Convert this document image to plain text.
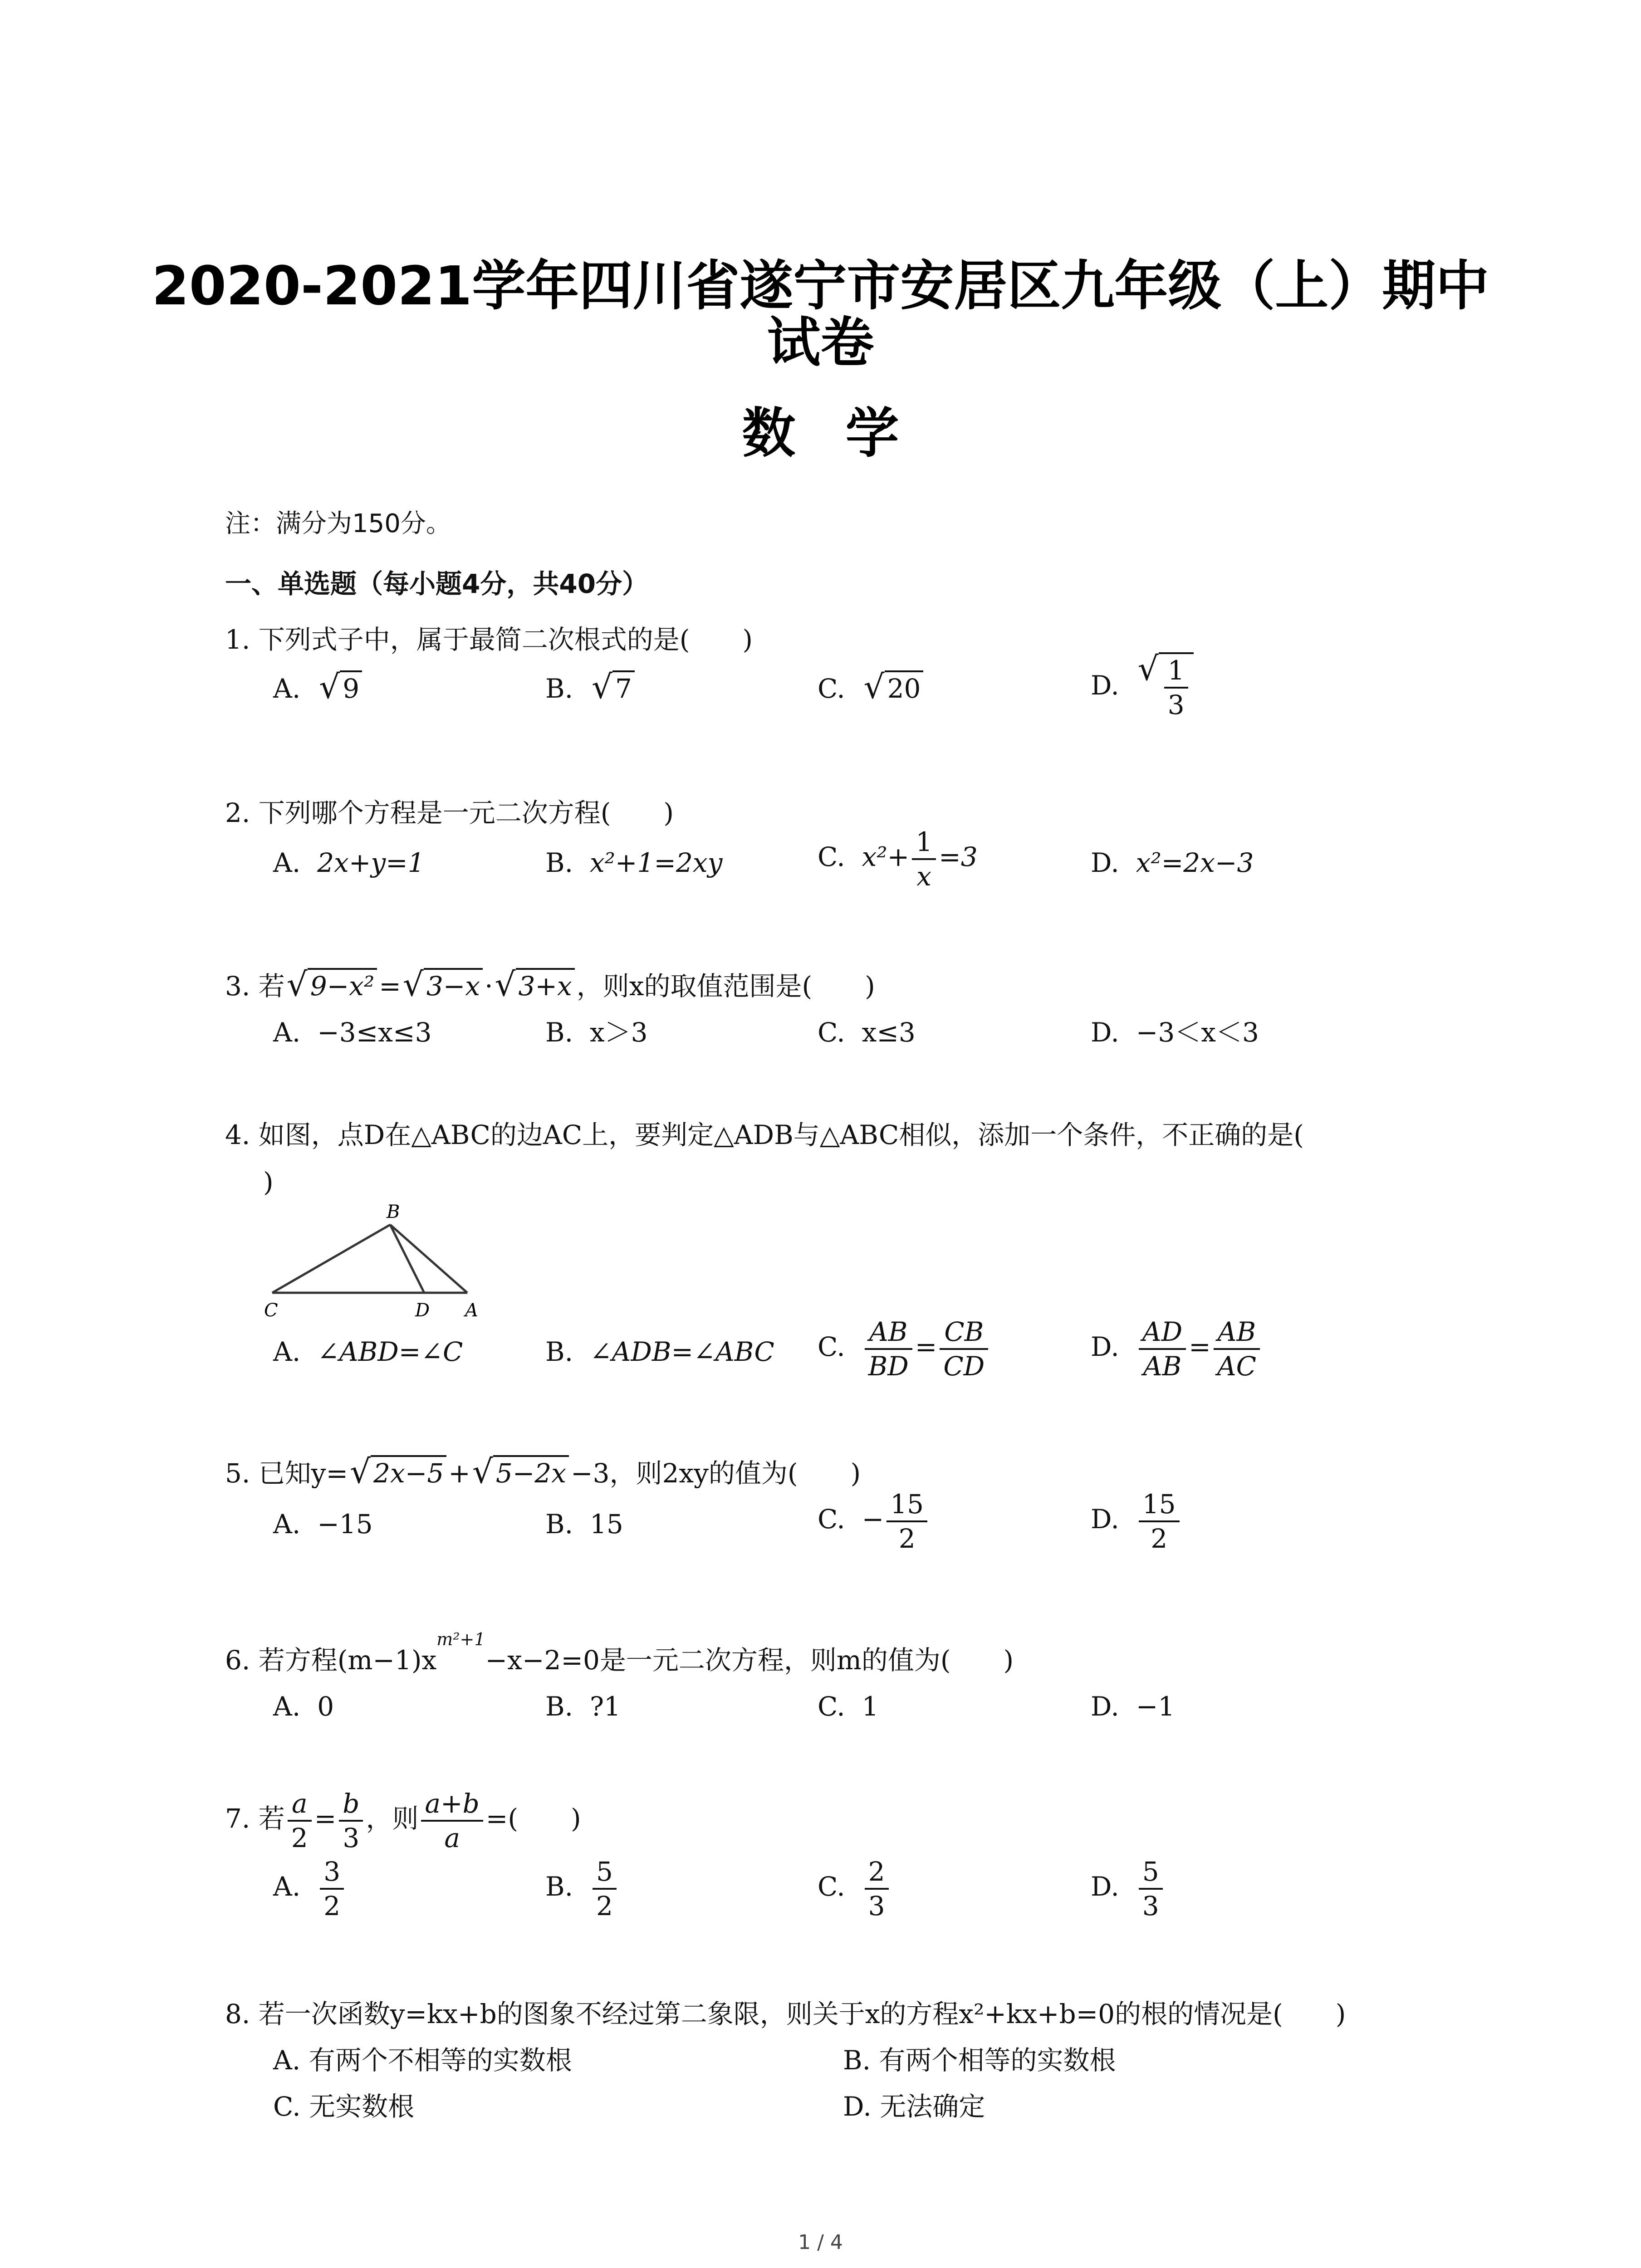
2020-2021学年四川省遂宁市安居区九年级（上）期中
试卷
数学
注：满分为150分。
一、单选题（每小题4分，共40分）
1. 下列式子中，属于最简二次根式的是(　　)
A. √ 9	B. √ 7	C. √ 20	D. √ $\frac{1}{3}$
2. 下列哪个方程是一元二次方程(　　)
A. 2x+y=1	B. x²+1=2xy	C. $x^2+ \frac{1}{x} =3$	D. x²=2x−3
3. 若 √ 9−x² = √ 3−x · √ 3+x ，则x的取值范围是(　　)
A. −3≤x≤3	B. x＞3	C. x≤3	D. −3＜x＜3
4. 如图，点D在△ABC的边AC上，要判定△ADB与△ABC相似，添加一个条件，不正确的是(
)
B
C	D A
A. ∠ABD=∠C	B. ∠ADB=∠ABC C. $\frac{AB}{BD} = \frac{CB}{CD}$	D. $\frac{AD}{AB} = \frac{AB}{AC}$
5. 已知y= √ 2x−5 + √ 5−2x −3，则2xy的值为(　　)
A. −15	B. 15	C. − $\frac{15}{2}$	D. $\frac{15}{2}$
6. 若方程$(m-1)x^{m^2+1}-x-2=0$是一元二次方程，则m的值为(　　)
A. 0	B. ?1	C. 1	D. −1
7. 若 $\frac{a}{2} = \frac{b}{3}$ ，则 $\frac{a+b}{a}$ =(　　)
A. $\frac{3}{2}$	B. $\frac{5}{2}$	C. $\frac{2}{3}$	D. $\frac{5}{3}$
8. 若一次函数y=kx+b的图象不经过第二象限，则关于x的方程x²+kx+b=0的根的情况是(　　)
A. 有两个不相等的实数根	B. 有两个相等的实数根
C. 无实数根	D. 无法确定
1 / 4
